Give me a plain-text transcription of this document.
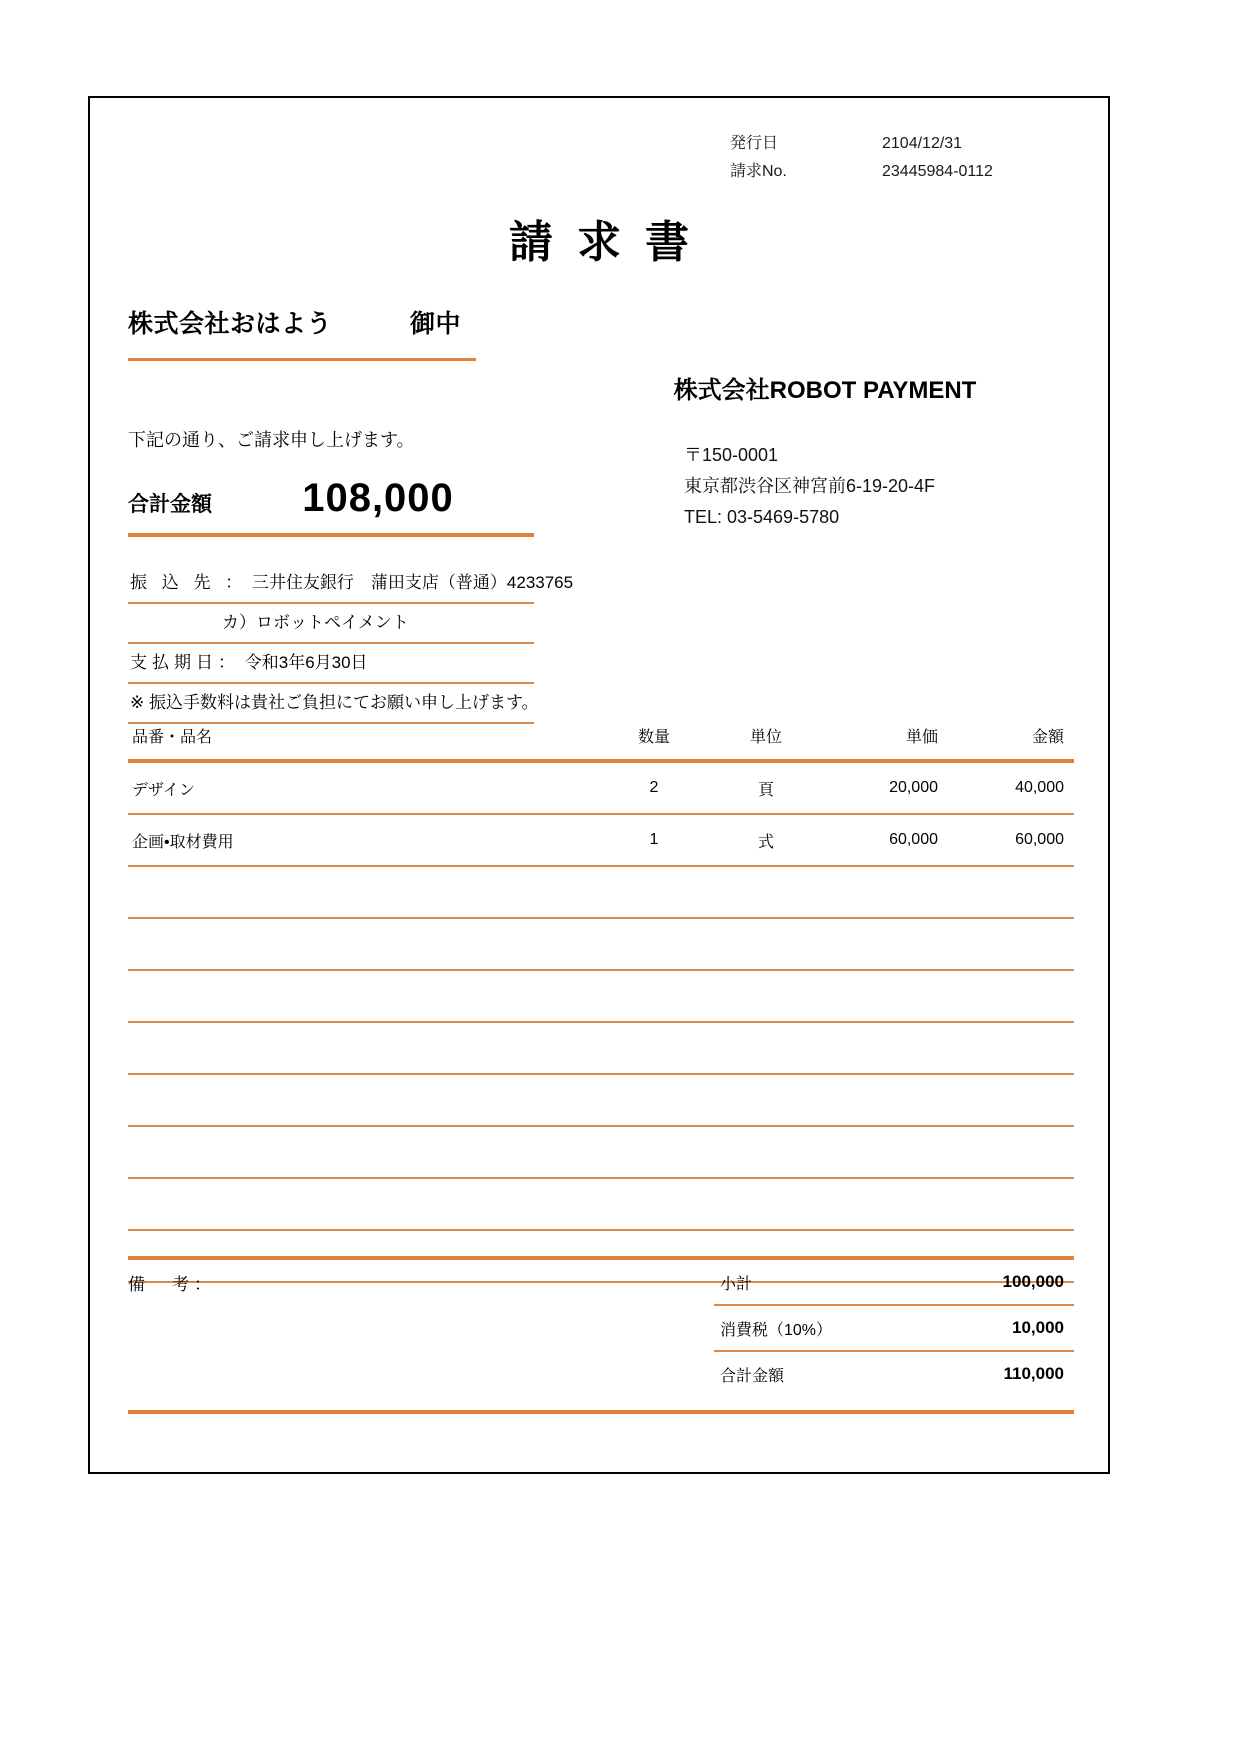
発行日	2104/12/31
請求No.	23445984-0112
請求書
株式会社おはよう	御中
株式会社ROBOT PAYMENT
〒150-0001
東京都渋谷区神宮前6-19-20-4F
TEL: 03-5469-5780
下記の通り、ご請求申し上げます。
合計金額	108,000
振 込 先 ： 三井住友銀行　蒲田支店（普通）4233765
カ）ロボットペイメント
支払期日： 令和3年6月30日
※ 振込手数料は貴社ご負担にてお願い申し上げます。
品番・品名	数量	単位	単価	金額
デザイン	2	頁	20,000	40,000
企画•取材費用	1	式	60,000	60,000

備　考：	小計	100,000
消費税（10%）	10,000
合計金額	110,000
